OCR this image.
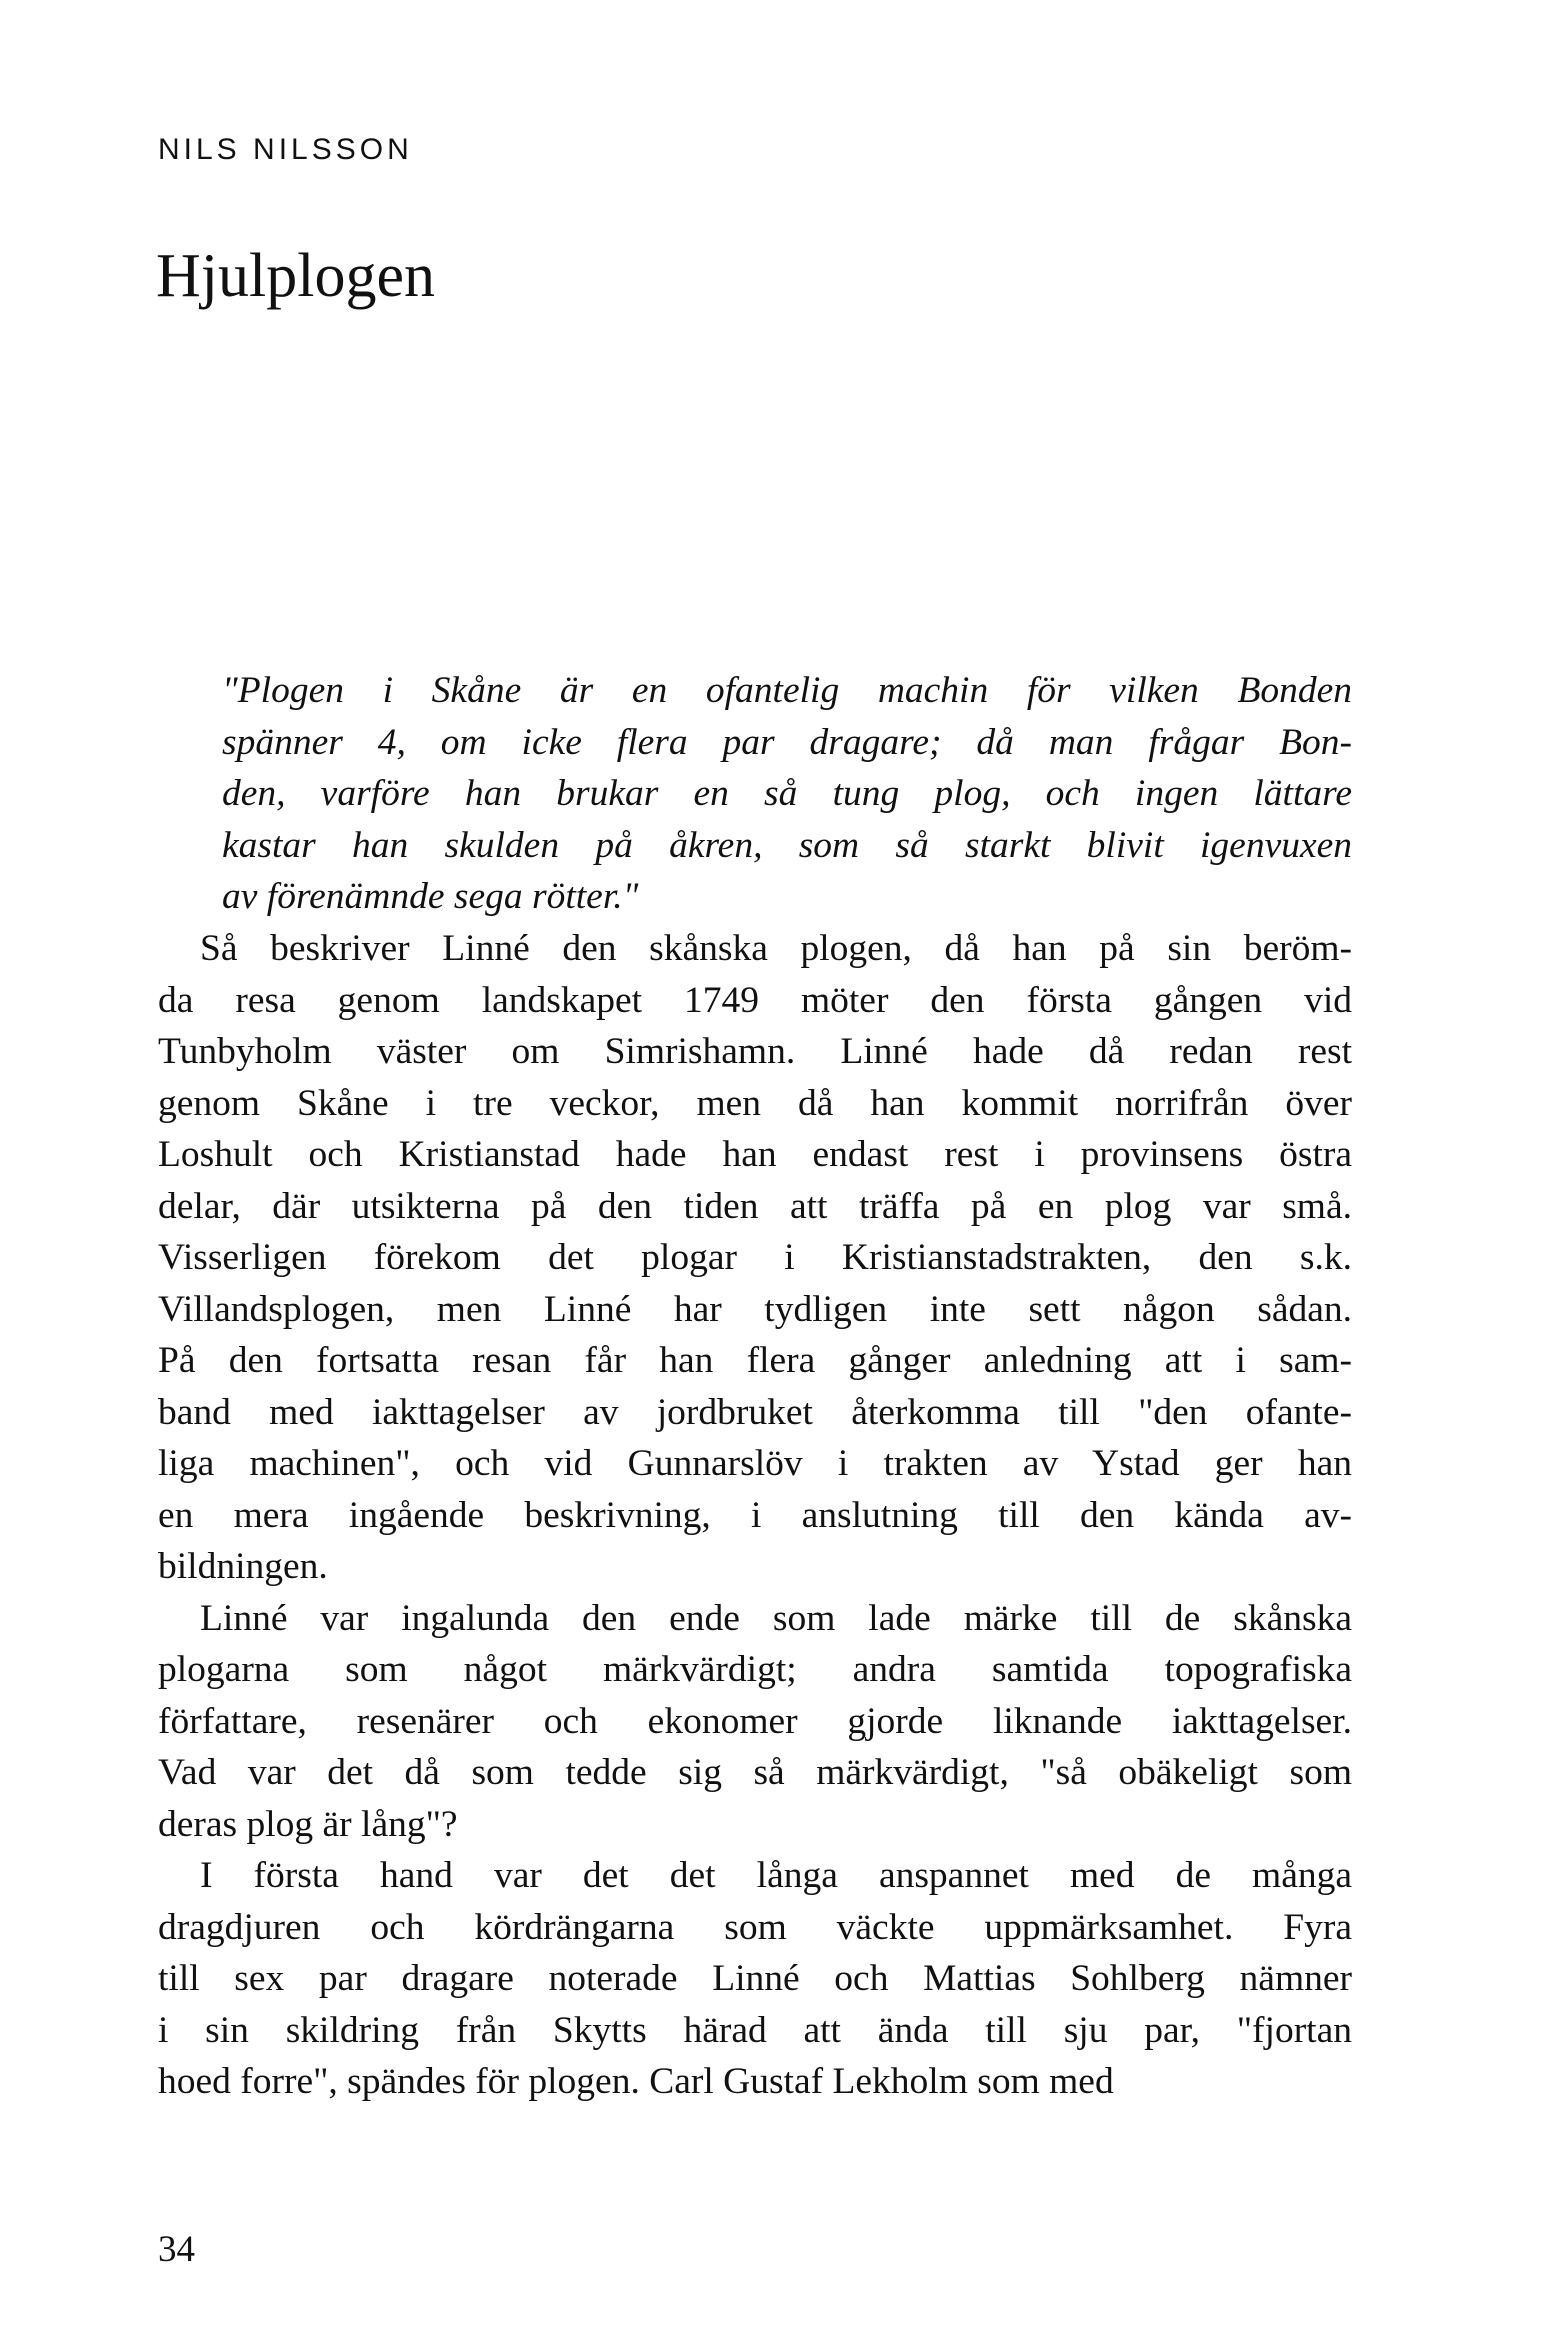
NILS NILSSON

Hjulplogen
"Plogen i Skåne är en ofantelig machin för vilken Bonden
spänner 4, om icke flera par dragare; då man frågar Bon-
den, varföre han brukar en så tung plog, och ingen lättare
kastar han skulden på åkren, som så starkt blivit igenvuxen
av förenämnde sega rötter."
Så beskriver Linné den skånska plogen, då han på sin beröm-
da resa genom landskapet 1749 möter den första gången vid
Tunbyholm väster om Simrishamn. Linné hade då redan rest
genom Skåne i tre veckor, men då han kommit norrifrån över
Loshult och Kristianstad hade han endast rest i provinsens östra
delar, där utsikterna på den tiden att träffa på en plog var små.
Visserligen förekom det plogar i Kristianstadstrakten, den s.k.
Villandsplogen, men Linné har tydligen inte sett någon sådan.
På den fortsatta resan får han flera gånger anledning att i sam-
band med iakttagelser av jordbruket återkomma till "den ofante-
liga machinen", och vid Gunnarslöv i trakten av Ystad ger han
en mera ingående beskrivning, i anslutning till den kända av-
bildningen.
Linné var ingalunda den ende som lade märke till de skånska
plogarna som något märkvärdigt; andra samtida topografiska
författare, resenärer och ekonomer gjorde liknande iakttagelser.
Vad var det då som tedde sig så märkvärdigt, "så obäkeligt som
deras plog är lång"?
I första hand var det det långa anspannet med de många
dragdjuren och kördrängarna som väckte uppmärksamhet. Fyra
till sex par dragare noterade Linné och Mattias Sohlberg nämner
i sin skildring från Skytts härad att ända till sju par, "fjortan
hoed forre", spändes för plogen. Carl Gustaf Lekholm som med

34
